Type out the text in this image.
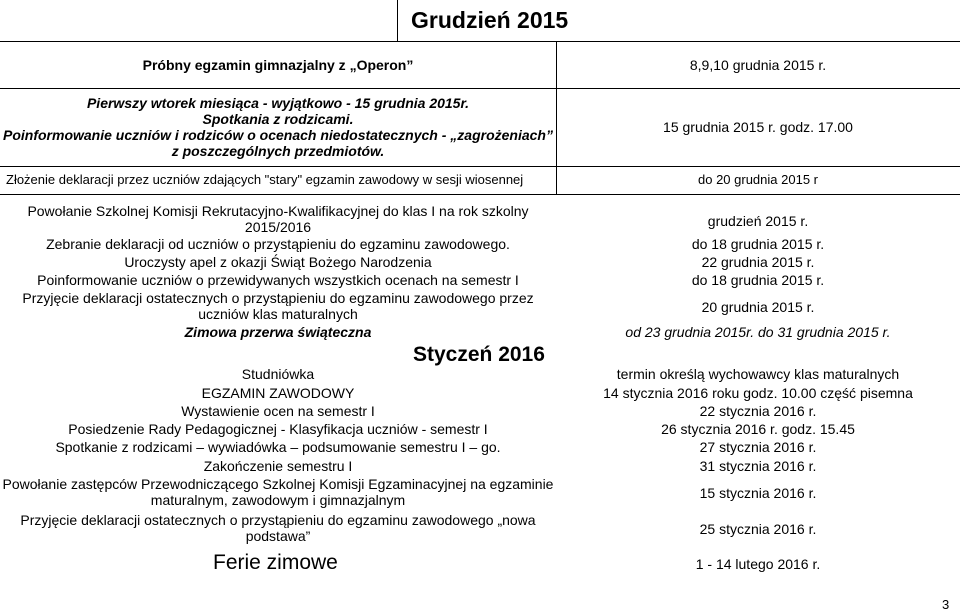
Grudzień 2015
Próbny egzamin gimnazjalny z „Operon”	8,9,10 grudnia 2015 r.
Pierwszy wtorek miesiąca - wyjątkowo - 15 grudnia 2015r.
Spotkania z rodzicami.
Poinformowanie uczniów i rodziców o ocenach niedostatecznych - „zagrożeniach”
z poszczególnych przedmiotów.
15 grudnia 2015 r. godz. 17.00
Złożenie deklaracji przez uczniów zdających "stary" egzamin zawodowy w sesji wiosennej	do 20 grudnia 2015 r
Powołanie Szkolnej Komisji Rekrutacyjno-Kwalifikacyjnej do klas I na rok szkolny
2015/2016	grudzień 2015 r.
Zebranie deklaracji od uczniów o przystąpieniu do egzaminu zawodowego.	do 18 grudnia 2015 r.
Uroczysty apel z okazji Świąt Bożego Narodzenia	22 grudnia 2015 r.
Poinformowanie uczniów o przewidywanych wszystkich ocenach na semestr I	do 18 grudnia 2015 r.
Przyjęcie deklaracji ostatecznych o przystąpieniu do egzaminu zawodowego przez
uczniów klas maturalnych	20 grudnia 2015 r.
Zimowa przerwa świąteczna	od 23 grudnia 2015r. do 31 grudnia 2015 r.
Styczeń 2016
Studniówka	termin określą wychowawcy klas maturalnych
EGZAMIN ZAWODOWY	14 stycznia 2016 roku godz. 10.00 część pisemna
Wystawienie ocen na semestr I	22 stycznia 2016 r.
Posiedzenie Rady Pedagogicznej - Klasyfikacja uczniów - semestr I	26 stycznia 2016 r. godz. 15.45
Spotkanie z rodzicami – wywiadówka – podsumowanie semestru I – go.	27 stycznia 2016 r.
Zakończenie semestru I	31 stycznia 2016 r.
Powołanie zastępców Przewodniczącego Szkolnej Komisji Egzaminacyjnej na egzaminie
maturalnym, zawodowym i gimnazjalnym	15 stycznia 2016 r.
Przyjęcie deklaracji ostatecznych o przystąpieniu do egzaminu zawodowego „nowa
podstawa”	25 stycznia 2016 r.
Ferie zimowe	1 - 14 lutego 2016 r.
3
